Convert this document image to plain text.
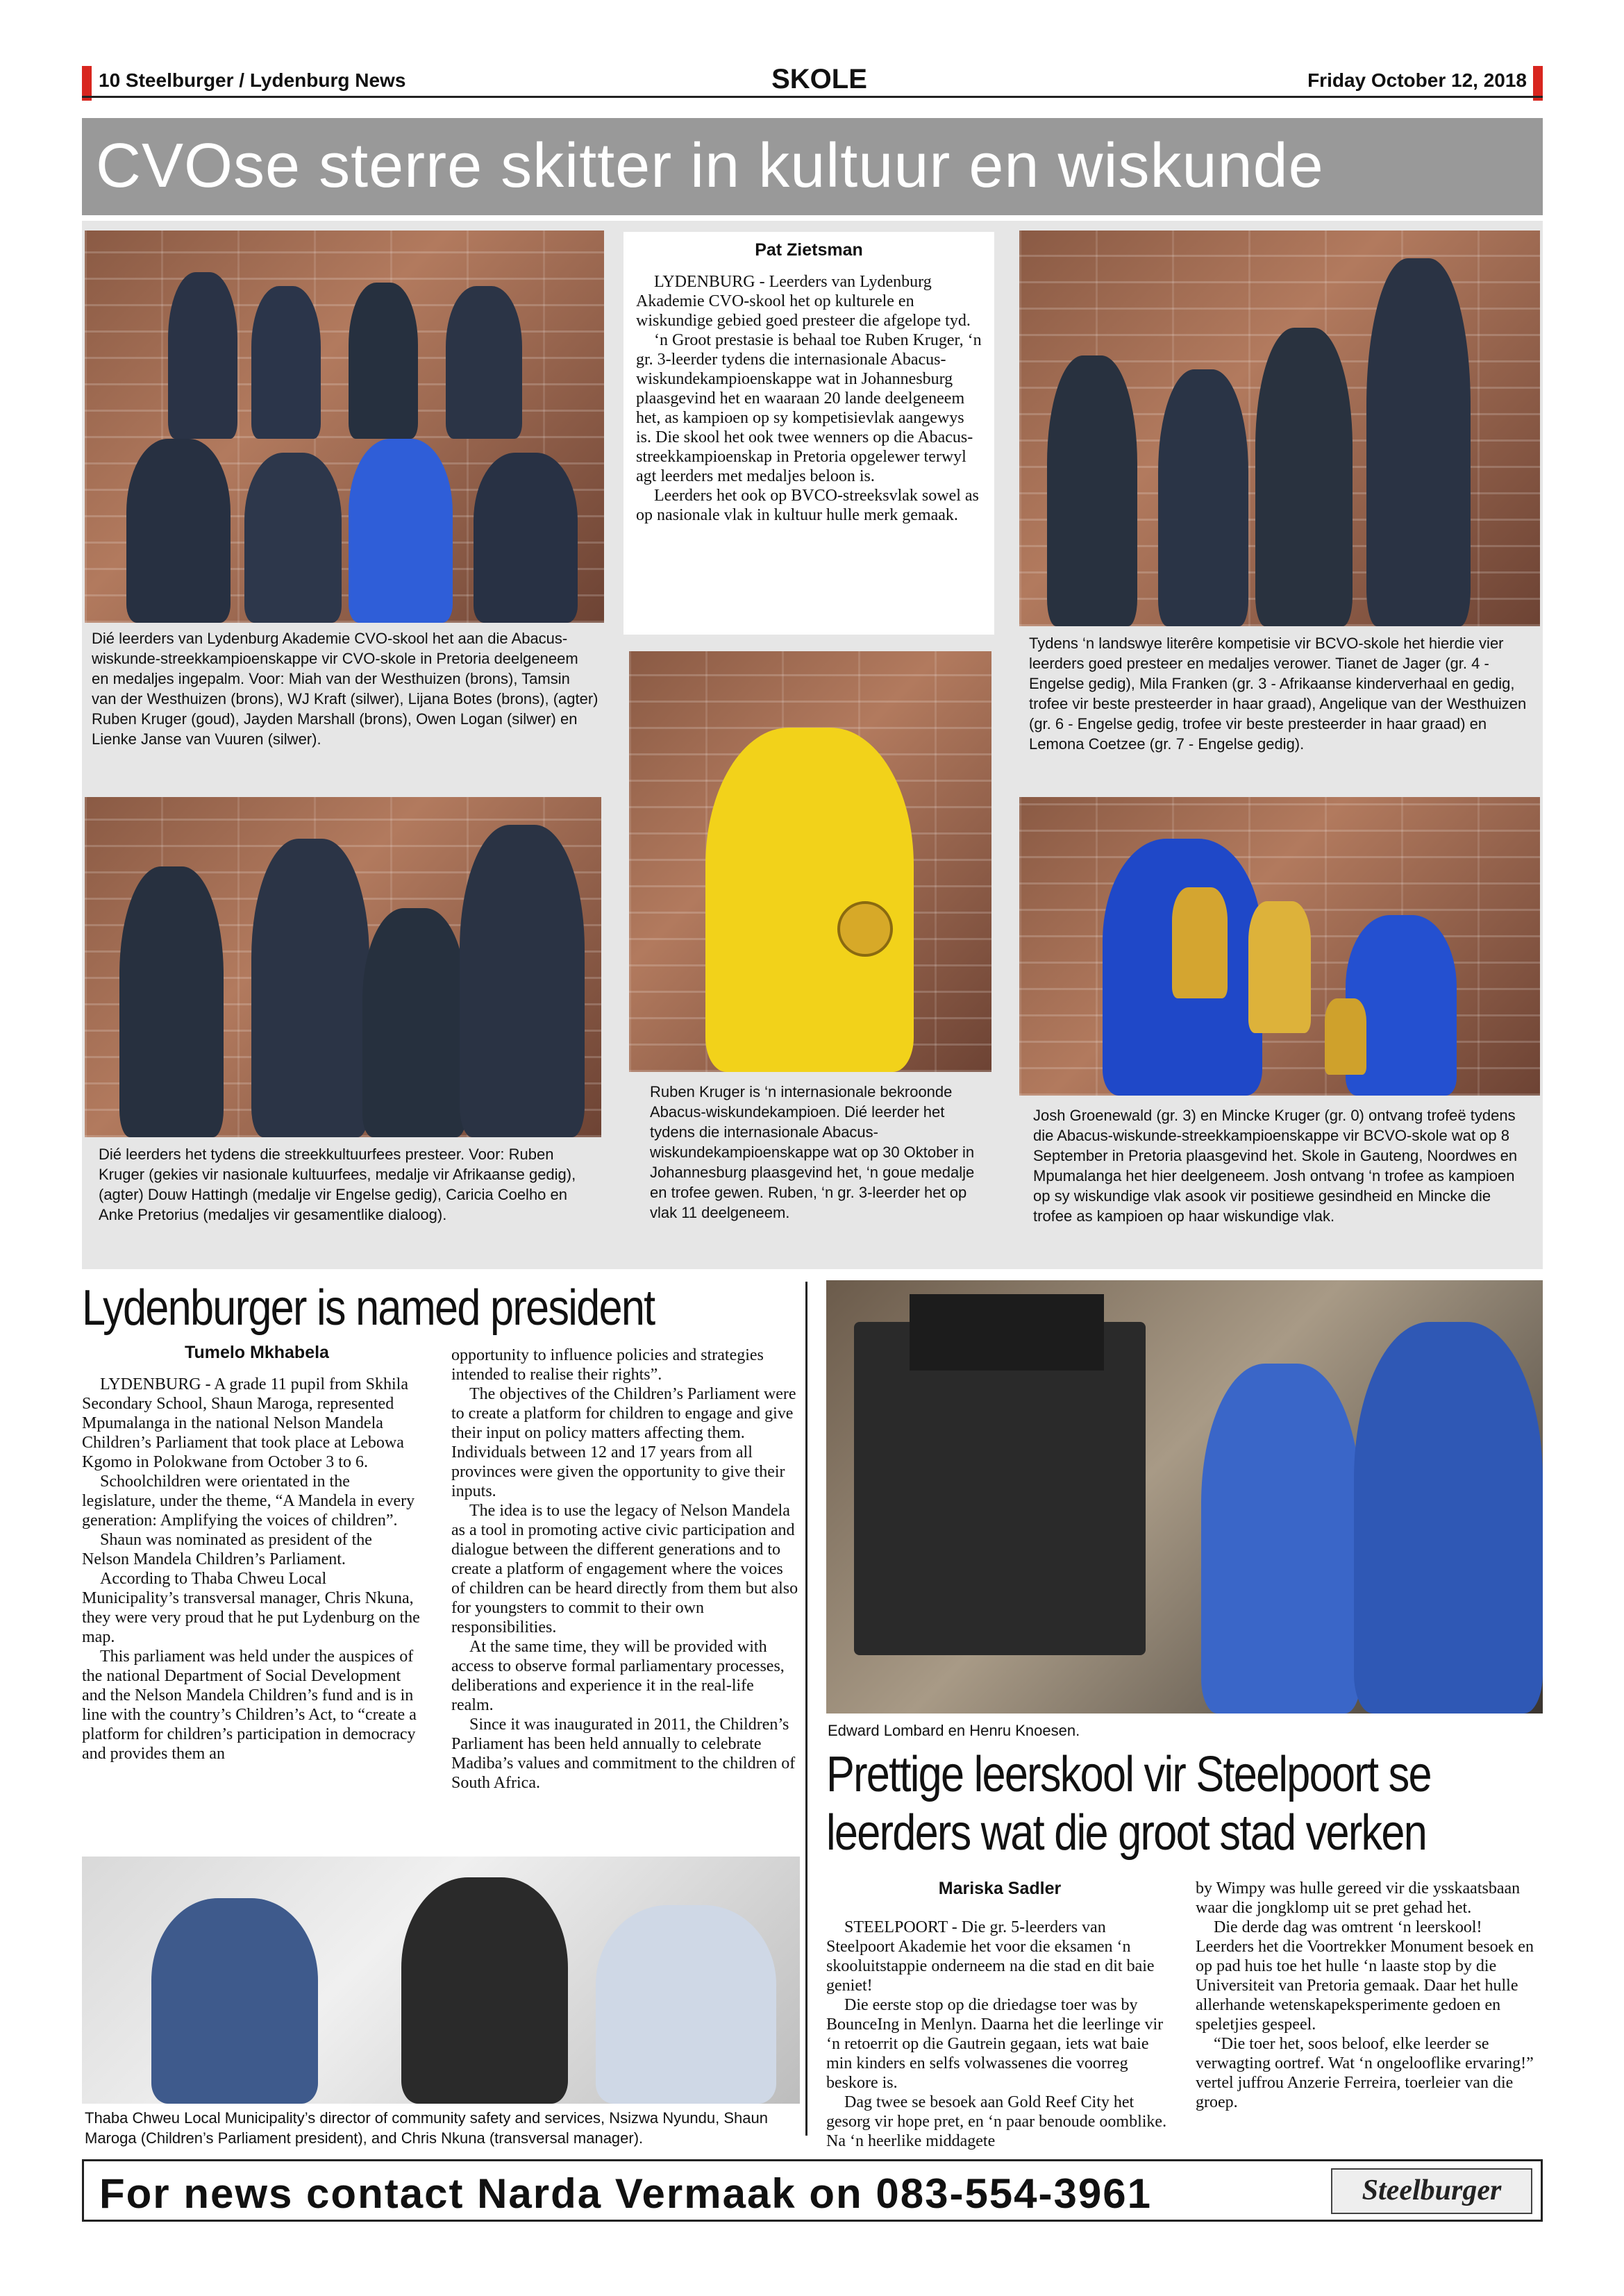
10 Steelburger / Lydenburg News	SKOLE	Friday October 12, 2018
CVOse sterre skitter in kultuur en wiskunde
Dié leerders van Lydenburg Akademie CVO-skool het aan die Abacus-wiskunde-streekkampioenskappe vir CVO-skole in Pretoria deelgeneem en medaljes ingepalm. Voor: Miah van der Westhuizen (brons), Tamsin van der Westhuizen (brons), WJ Kraft (silwer), Lijana Botes (brons), (agter) Ruben Kruger (goud), Jayden Marshall (brons), Owen Logan (silwer) en Lienke Janse van Vuuren (silwer).
Pat Zietsman

LYDENBURG - Leerders van Lydenburg Akademie CVO-skool het op kulturele en wiskundige gebied goed presteer die afgelope tyd.

‘n Groot prestasie is behaal toe Ruben Kruger, ‘n gr. 3-leerder tydens die internasionale Abacus-wiskundekampioenskappe wat in Johannesburg plaasgevind het en waaraan 20 lande deelgeneem het, as kampioen op sy kompetisievlak aangewys is. Die skool het ook twee wenners op die Abacus-streekkampioenskap in Pretoria opgelewer terwyl agt leerders met medaljes beloon is.

Leerders het ook op BVCO-streeksvlak sowel as op nasionale vlak in kultuur hulle merk gemaak.

Tydens ‘n landswye literêre kompetisie vir BCVO-skole het hierdie vier leerders goed presteer en medaljes verower. Tianet de Jager (gr. 4 - Engelse gedig), Mila Franken (gr. 3 - Afrikaanse kinderverhaal en gedig, trofee vir beste presteerder in haar graad), Angelique van der Westhuizen (gr. 6 - Engelse gedig, trofee vir beste presteerder in haar graad) en Lemona Coetzee (gr. 7 - Engelse gedig).
Dié leerders het tydens die streekkultuurfees presteer. Voor: Ruben Kruger (gekies vir nasionale kultuurfees, medalje vir Afrikaanse gedig), (agter) Douw Hattingh (medalje vir Engelse gedig), Caricia Coelho en Anke Pretorius (medaljes vir gesamentlike dialoog).
Ruben Kruger is ‘n internasionale bekroonde Abacus-wiskundekampioen. Dié leerder het tydens die internasionale Abacus-wiskundekampioenskappe wat op 30 Oktober in Johannesburg plaasgevind het, ‘n goue medalje en trofee gewen. Ruben, ‘n gr. 3-leerder het op vlak 11 deelgeneem.
Josh Groenewald (gr. 3) en Mincke Kruger (gr. 0) ontvang trofeë tydens die Abacus-wiskunde-streekkampioenskappe vir BCVO-skole wat op 8 September in Pretoria plaasgevind het. Skole in Gauteng, Noordwes en Mpumalanga het hier deelgeneem. Josh ontvang ‘n trofee as kampioen op sy wiskundige vlak asook vir positiewe gesindheid en Mincke die trofee as kampioen op haar wiskundige vlak.
Lydenburger is named president
Tumelo Mkhabela

LYDENBURG - A grade 11 pupil from Skhila Secondary School, Shaun Maroga, represented Mpumalanga in the national Nelson Mandela Children’s Parliament that took place at Lebowa Kgomo in Polokwane from October 3 to 6.

Schoolchildren were orientated in the legislature, under the theme, “A Mandela in every generation: Amplifying the voices of children”.

Shaun was nominated as president of the Nelson Mandela Children’s Parliament.

According to Thaba Chweu Local Municipality’s transversal manager, Chris Nkuna, they were very proud that he put Lydenburg on the map.

This parliament was held under the auspices of the national Department of Social Development and the Nelson Mandela Children’s fund and is in line with the country’s Children’s Act, to “create a platform for children’s participation in democracy and provides them an

opportunity to influence policies and strategies intended to realise their rights”.

The objectives of the Children’s Parliament were to create a platform for children to engage and give their input on policy matters affecting them. Individuals between 12 and 17 years from all provinces were given the opportunity to give their inputs.

The idea is to use the legacy of Nelson Mandela as a tool in promoting active civic participation and dialogue between the different generations and to create a platform of engagement where the voices of children can be heard directly from them but also for youngsters to commit to their own responsibilities.

At the same time, they will be provided with access to observe formal parliamentary processes, deliberations and experience it in the real-life realm.

Since it was inaugurated in 2011, the Children’s Parliament has been held annually to celebrate Madiba’s values and commitment to the children of South Africa.

Thaba Chweu Local Municipality’s director of community safety and services, Nsizwa Nyundu, Shaun Maroga (Children’s Parliament president), and Chris Nkuna (transversal manager).
Edward Lombard en Henru Knoesen.
Prettige leerskool vir Steelpoort se
leerders wat die groot stad verken
Mariska Sadler

STEELPOORT - Die gr. 5-leerders van Steelpoort Akademie het voor die eksamen ‘n skooluitstappie onderneem na die stad en dit baie geniet!

Die eerste stop op die driedagse toer was by BounceIng in Menlyn. Daarna het die leerlinge vir ‘n retoerrit op die Gautrein gegaan, iets wat baie min kinders en selfs volwassenes die voorreg beskore is.

Dag twee se besoek aan Gold Reef City het gesorg vir hope pret, en ‘n paar benoude oomblike. Na ‘n heerlike middagete

by Wimpy was hulle gereed vir die ysskaatsbaan waar die jongklomp uit se pret gehad het.

Die derde dag was omtrent ‘n leerskool! Leerders het die Voortrekker Monument besoek en op pad huis toe het hulle ‘n laaste stop by die Universiteit van Pretoria gemaak. Daar het hulle allerhande wetenskapeksperimente gedoen en speletjies gespeel.

“Die toer het, soos beloof, elke leerder se verwagting oortref. Wat ‘n ongelooflike ervaring!” vertel juffrou Anzerie Ferreira, toerleier van die groep.

For news contact Narda Vermaak on 083-554-3961	Steelburger
